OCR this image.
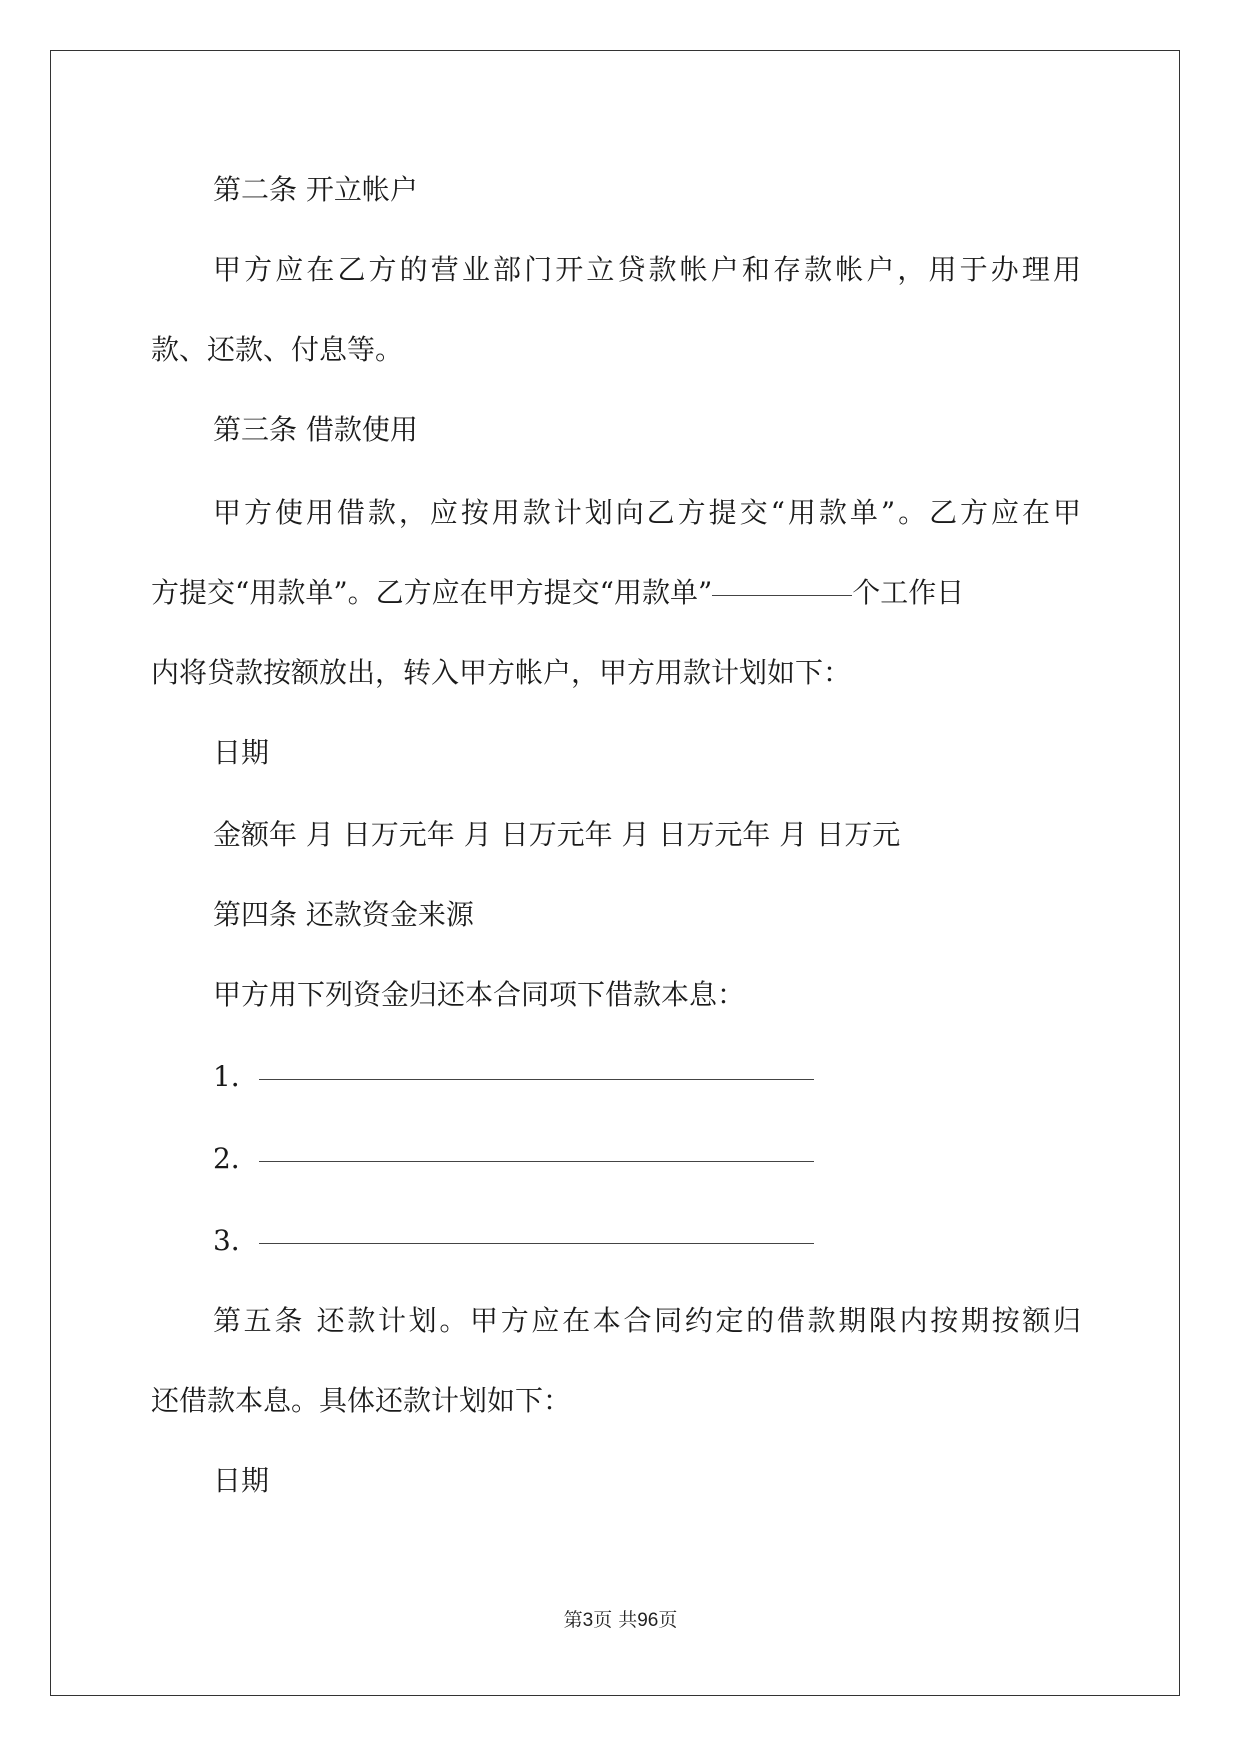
第二条 开立帐户
甲方应在乙方的营业部门开立贷款帐户和存款帐户，用于办理用
款、还款、付息等。
第三条 借款使用
甲方使用借款，应按用款计划向乙方提交“用款单”。乙方应在甲
方提交“用款单”。乙方应在甲方提交“用款单”	个工作日
内将贷款按额放出，转入甲方帐户，甲方用款计划如下：
日期
金额年 月 日万元年 月 日万元年 月 日万元年 月 日万元
第四条 还款资金来源
甲方用下列资金归还本合同项下借款本息：
1．
2．
3．
第五条 还款计划。甲方应在本合同约定的借款期限内按期按额归
还借款本息。具体还款计划如下：
日期
第3页 共96页
